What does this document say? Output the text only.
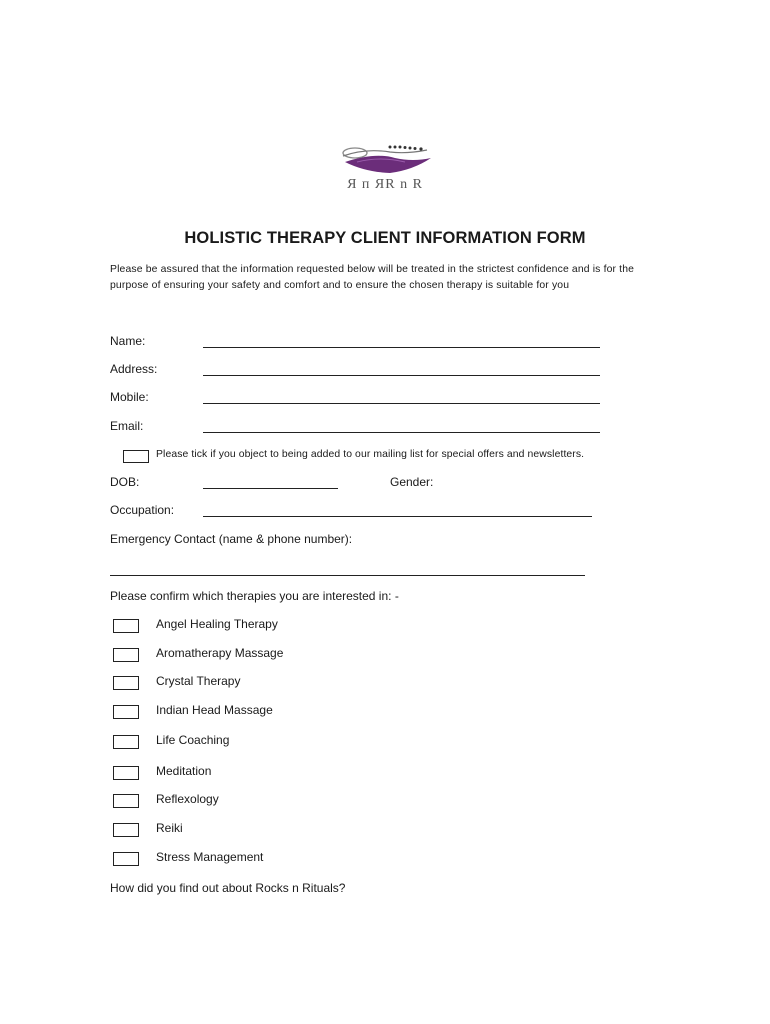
Я п ЯR n R
HOLISTIC THERAPY CLIENT INFORMATION FORM
Please be assured that the information requested below will be treated in the strictest confidence and is for the purpose of ensuring your safety and comfort and to ensure the chosen therapy is suitable for you
Name:
Address:
Mobile:
Email:
Please tick if you object to being added to our mailing list for special offers and newsletters.
DOB:	Gender:
Occupation:
Emergency Contact (name & phone number):
Please confirm which therapies you are interested in: -
Angel Healing Therapy
Aromatherapy Massage
Crystal Therapy
Indian Head Massage
Life Coaching
Meditation
Reflexology
Reiki
Stress Management
How did you find out about Rocks n Rituals?
